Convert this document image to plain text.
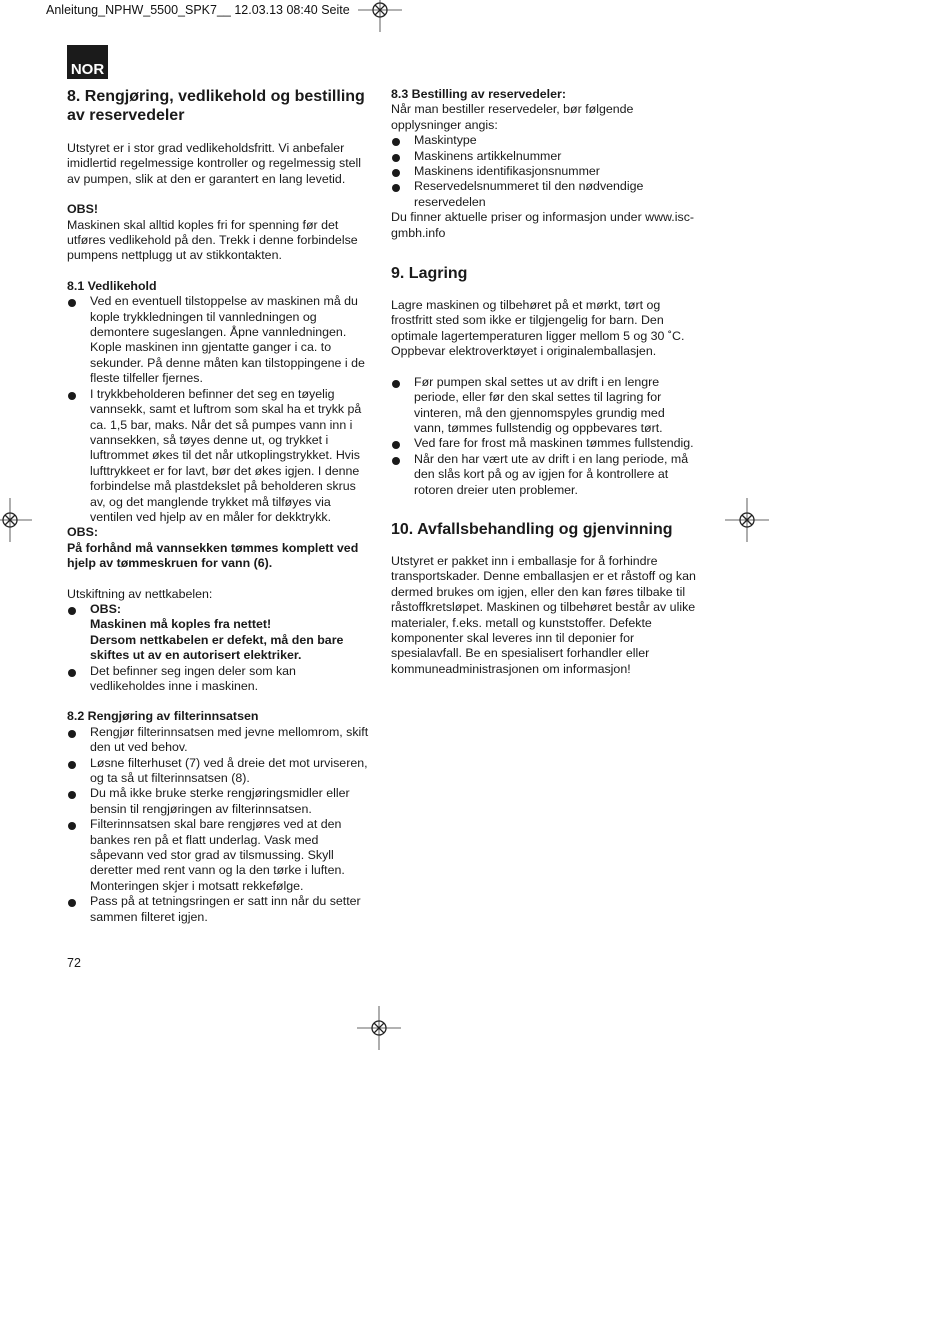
Anleitung_NPHW_5500_SPK7__ 12.03.13 08:40 Seite
NOR
8. Rengjøring, vedlikehold og bestilling av reservedeler

Utstyret er i stor grad vedlikeholdsfritt. Vi anbefaler imidlertid regelmessige kontroller og regelmessig stell av pumpen, slik at den er garantert en lang levetid.

OBS!

Maskinen skal alltid koples fri for spenning før det utføres vedlikehold på den. Trekk i denne forbindelse pumpens nettplugg ut av stikkontakten.

8.1 Vedlikehold

Ved en eventuell tilstoppelse av maskinen må du kople trykkledningen til vannledningen og demontere sugeslangen. Åpne vannledningen. Kople maskinen inn gjentatte ganger i ca. to sekunder. På denne måten kan tilstoppingene i de fleste tilfeller fjernes.
I trykkbeholderen befinner det seg en tøyelig vannsekk, samt et luftrom som skal ha et trykk på ca. 1,5 bar, maks. Når det så pumpes vann inn i vannsekken, så tøyes denne ut, og trykket i luftrommet økes til det når utkoplingstrykket. Hvis lufttrykkeet er for lavt, bør det økes igjen. I denne forbindelse må plastdekslet på beholderen skrus av, og det manglende trykket må tilføyes via ventilen ved hjelp av en måler for dekktrykk.

OBS:

På forhånd må vannsekken tømmes komplett ved hjelp av tømmeskruen for vann (6).

Utskiftning av nettkabelen:

OBS:
Maskinen må koples fra nettet!
Dersom nettkabelen er defekt, må den bare skiftes ut av en autorisert elektriker.
Det befinner seg ingen deler som kan vedlikeholdes inne i maskinen.

8.2 Rengjøring av filterinnsatsen

Rengjør filterinnsatsen med jevne mellomrom, skift den ut ved behov.
Løsne filterhuset (7) ved å dreie det mot urviseren, og ta så ut filterinnsatsen (8).
Du må ikke bruke sterke rengjøringsmidler eller bensin til rengjøringen av filterinnsatsen.
Filterinnsatsen skal bare rengjøres ved at den bankes ren på et flatt underlag. Vask med såpevann ved stor grad av tilsmussing. Skyll deretter med rent vann og la den tørke i luften. Monteringen skjer i motsatt rekkefølge.
Pass på at tetningsringen er satt inn når du setter sammen filteret igjen.

8.3 Bestilling av reservedeler:

Når man bestiller reservedeler, bør følgende opplysninger angis:

Maskintype
Maskinens artikkelnummer
Maskinens identifikasjonsnummer
Reservedelsnummeret til den nødvendige reservedelen

Du finner aktuelle priser og informasjon under www.isc-gmbh.info

9. Lagring

Lagre maskinen og tilbehøret på et mørkt, tørt og frostfritt sted som ikke er tilgjengelig for barn. Den optimale lagertemperaturen ligger mellom 5 og 30 ˚C. Oppbevar elektroverktøyet i originalemballasjen.

Før pumpen skal settes ut av drift i en lengre periode, eller før den skal settes til lagring for vinteren, må den gjennomspyles grundig med vann, tømmes fullstendig og oppbevares tørt.
Ved fare for frost må maskinen tømmes fullstendig.
Når den har vært ute av drift i en lang periode, må den slås kort på og av igjen for å kontrollere at rotoren dreier uten problemer.
10. Avfallsbehandling og gjenvinning

Utstyret er pakket inn i emballasje for å forhindre transportskader. Denne emballasjen er et råstoff og kan dermed brukes om igjen, eller den kan føres tilbake til råstoffkretsløpet. Maskinen og tilbehøret består av ulike materialer, f.eks. metall og kunststoffer. Defekte komponenter skal leveres inn til deponier for spesialavfall. Be en spesialisert forhandler eller kommuneadministrasjonen om informasjon!

72
